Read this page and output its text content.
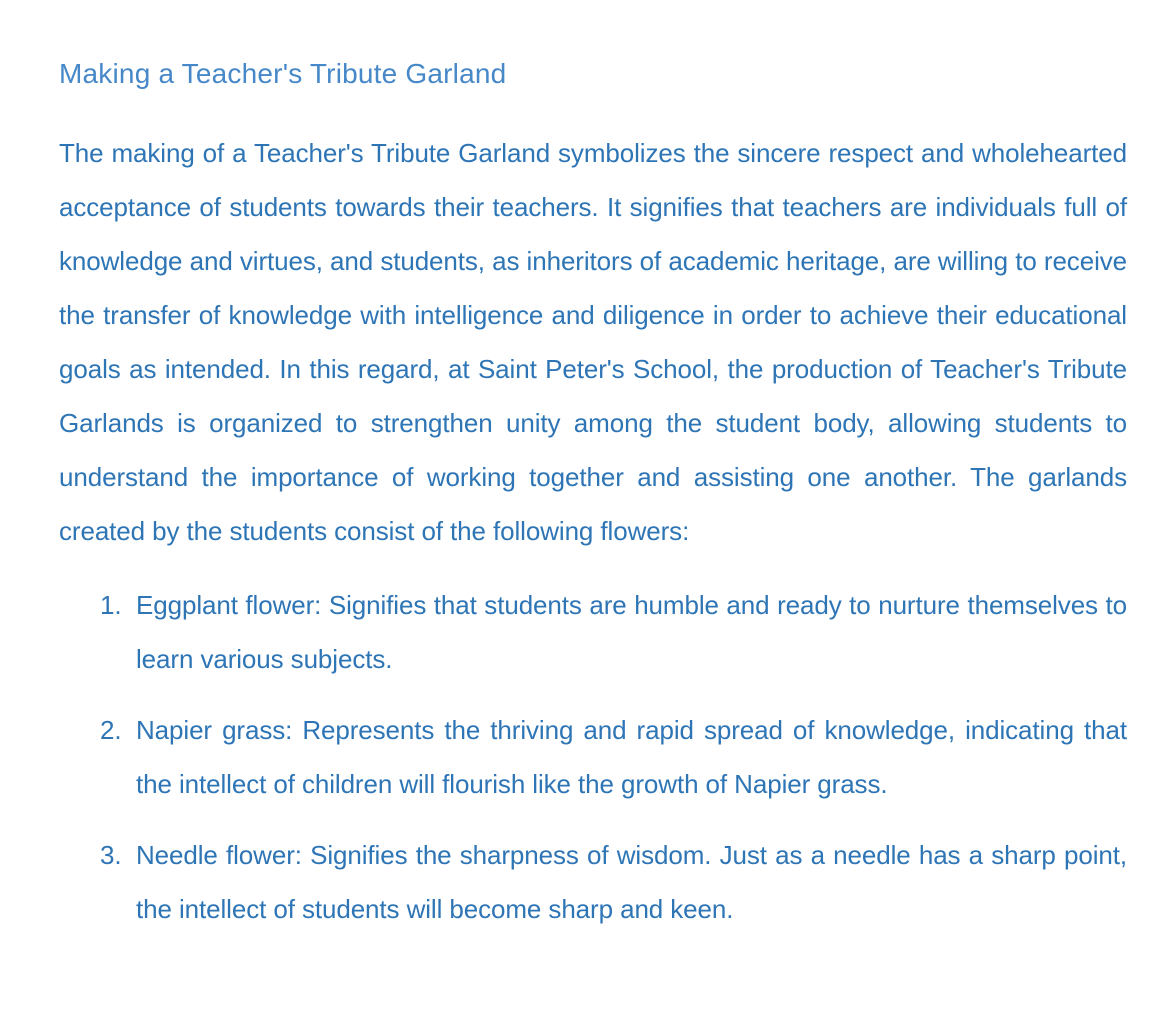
Making a Teacher's Tribute Garland

The making of a Teacher's Tribute Garland symbolizes the sincere respect and wholehearted acceptance of students towards their teachers. It signifies that teachers are individuals full of knowledge and virtues, and students, as inheritors of academic heritage, are willing to receive the transfer of knowledge with intelligence and diligence in order to achieve their educational goals as intended. In this regard, at Saint Peter's School, the production of Teacher's Tribute Garlands is organized to strengthen unity among the student body, allowing students to understand the importance of working together and assisting one another. The garlands created by the students consist of the following flowers:

1. Eggplant flower: Signifies that students are humble and ready to nurture themselves to learn various subjects.
2. Napier grass: Represents the thriving and rapid spread of knowledge, indicating that the intellect of children will flourish like the growth of Napier grass.
3. Needle flower: Signifies the sharpness of wisdom. Just as a needle has a sharp point, the intellect of students will become sharp and keen.
